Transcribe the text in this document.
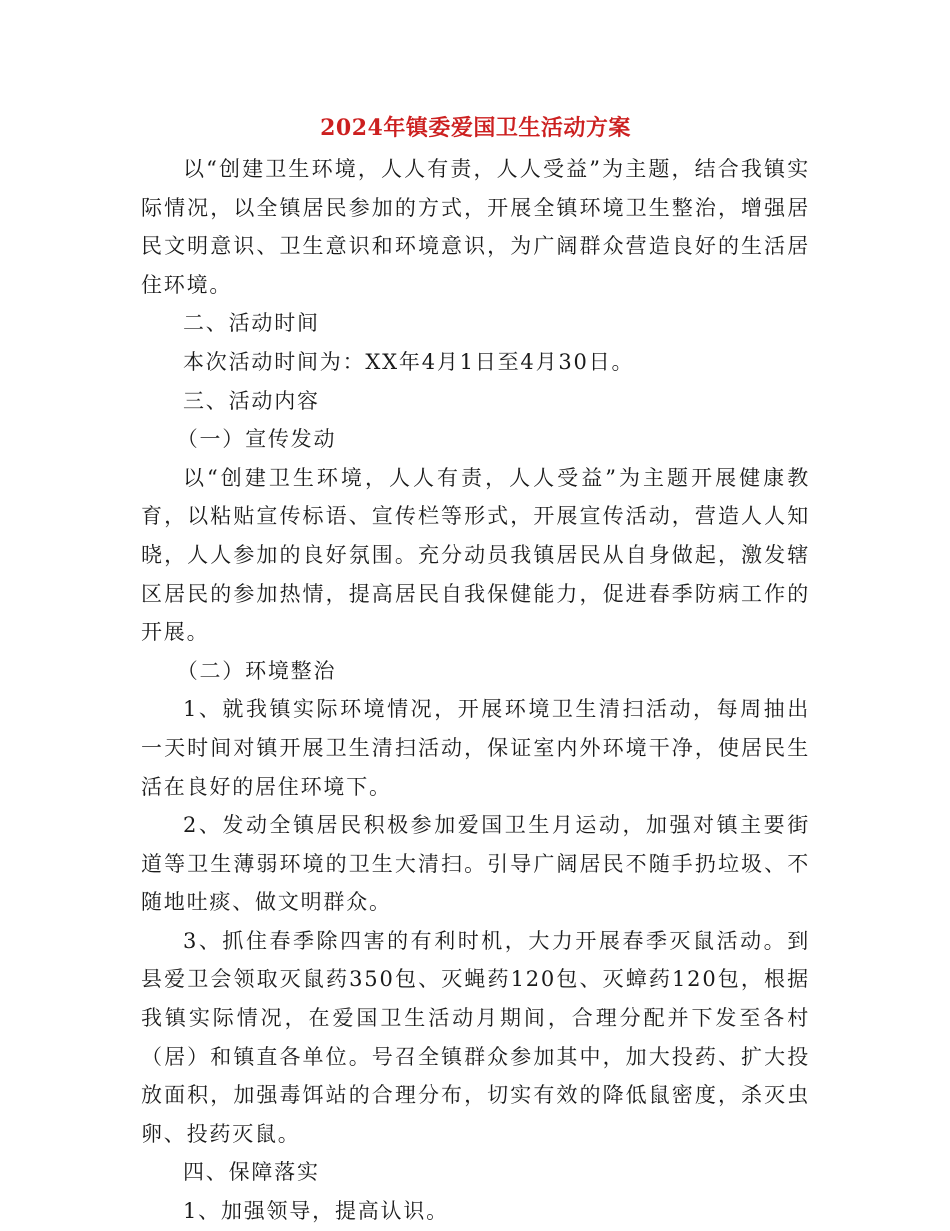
2024年镇委爱国卫生活动方案

以“创建卫生环境，人人有责，人人受益”为主题，结合我镇实际情况，以全镇居民参加的方式，开展全镇环境卫生整治，增强居民文明意识、卫生意识和环境意识，为广阔群众营造良好的生活居住环境。

二、活动时间

本次活动时间为：XX年4月1日至4月30日。

三、活动内容

（一）宣传发动

以“创建卫生环境，人人有责，人人受益”为主题开展健康教育，以粘贴宣传标语、宣传栏等形式，开展宣传活动，营造人人知晓，人人参加的良好氛围。充分动员我镇居民从自身做起，激发辖区居民的参加热情，提高居民自我保健能力，促进春季防病工作的开展。

（二）环境整治

1、就我镇实际环境情况，开展环境卫生清扫活动，每周抽出一天时间对镇开展卫生清扫活动，保证室内外环境干净，使居民生活在良好的居住环境下。

2、发动全镇居民积极参加爱国卫生月运动，加强对镇主要街道等卫生薄弱环境的卫生大清扫。引导广阔居民不随手扔垃圾、不随地吐痰、做文明群众。

3、抓住春季除四害的有利时机，大力开展春季灭鼠活动。到县爱卫会领取灭鼠药350包、灭蝇药120包、灭蟑药120包，根据我镇实际情况，在爱国卫生活动月期间，合理分配并下发至各村（居）和镇直各单位。号召全镇群众参加其中，加大投药、扩大投放面积，加强毒饵站的合理分布，切实有效的降低鼠密度，杀灭虫卵、投药灭鼠。

四、保障落实

1、加强领导，提高认识。
